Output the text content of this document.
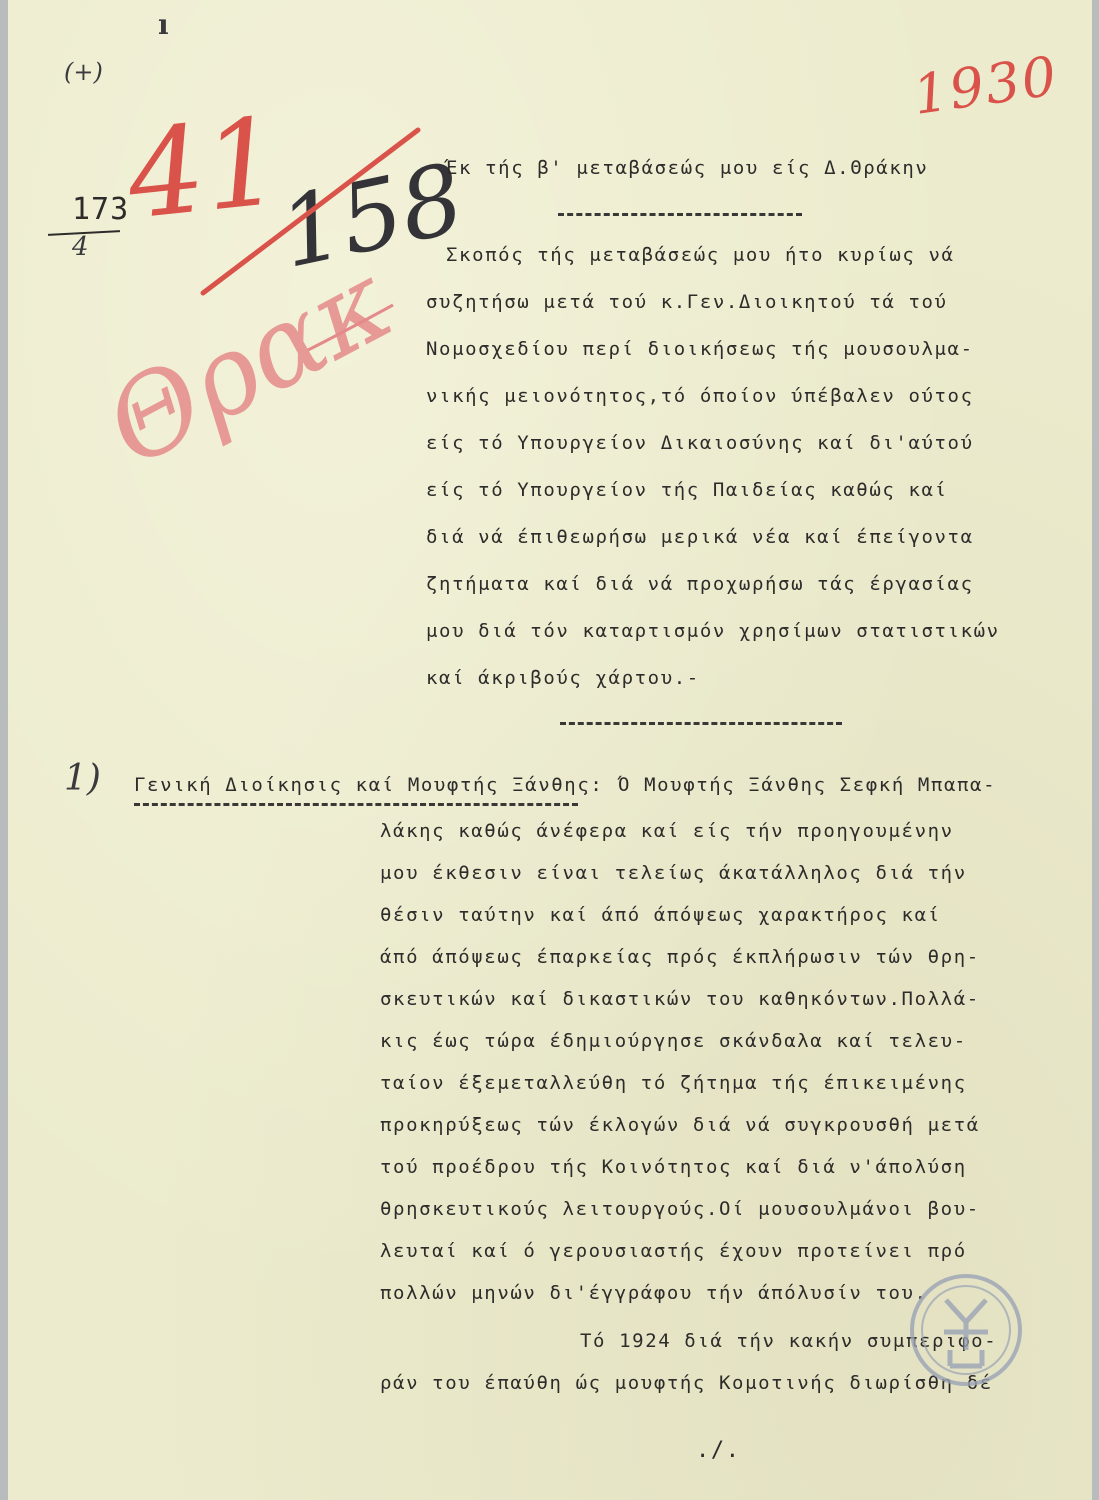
ı
(+)
173
4
1930
41
158
Θρακ
Έκ τής β' μεταβάσεώς μου είς Δ.Θράκην
Σκοπός τής μεταβάσεώς μου ήτο κυρίως νά
συζητήσω μετά τού κ.Γεν.Διοικητού τά τού
Νομοσχεδίου περί διοικήσεως τής μουσουλμα-
νικής μειονότητος,τό όποίον ύπέβαλεν ούτος
είς τό Υπουργείον Δικαιοσύνης καί δι'αύτού
είς τό Υπουργείον τής Παιδείας καθώς καί
διά νά έπιθεωρήσω μερικά νέα καί έπείγοντα
ζητήματα καί διά νά προχωρήσω τάς έργασίας
μου διά τόν καταρτισμόν χρησίμων στατιστικών
καί άκριβούς χάρτου.-
1) Γενική Διοίκησις καί Μουφτής Ξάνθης: Ό Μουφτής Ξάνθης Σεφκή Μπαπα-
λάκης καθώς άνέφερα καί είς τήν προηγουμένην
μου έκθεσιν είναι τελείως άκατάλληλος διά τήν
θέσιν ταύτην καί άπό άπόψεως χαρακτήρος καί
άπό άπόψεως έπαρκείας πρός έκπλήρωσιν τών θρη-
σκευτικών καί δικαστικών του καθηκόντων.Πολλά-
κις έως τώρα έδημιούργησε σκάνδαλα καί τελευ-
ταίον έξεμεταλλεύθη τό ζήτημα τής έπικειμένης
προκηρύξεως τών έκλογών διά νά συγκρουσθή μετά
τού προέδρου τής Κοινότητος καί διά ν'άπολύση
θρησκευτικούς λειτουργούς.Οί μουσουλμάνοι βου-
λευταί καί ό γερουσιαστής έχουν προτείνει πρό
πολλών μηνών δι'έγγράφου τήν άπόλυσίν του.
Τό 1924 διά τήν κακήν συμπεριφο-
ράν του έπαύθη ώς μουφτής Κομοτινής διωρίσθη δέ
./.
